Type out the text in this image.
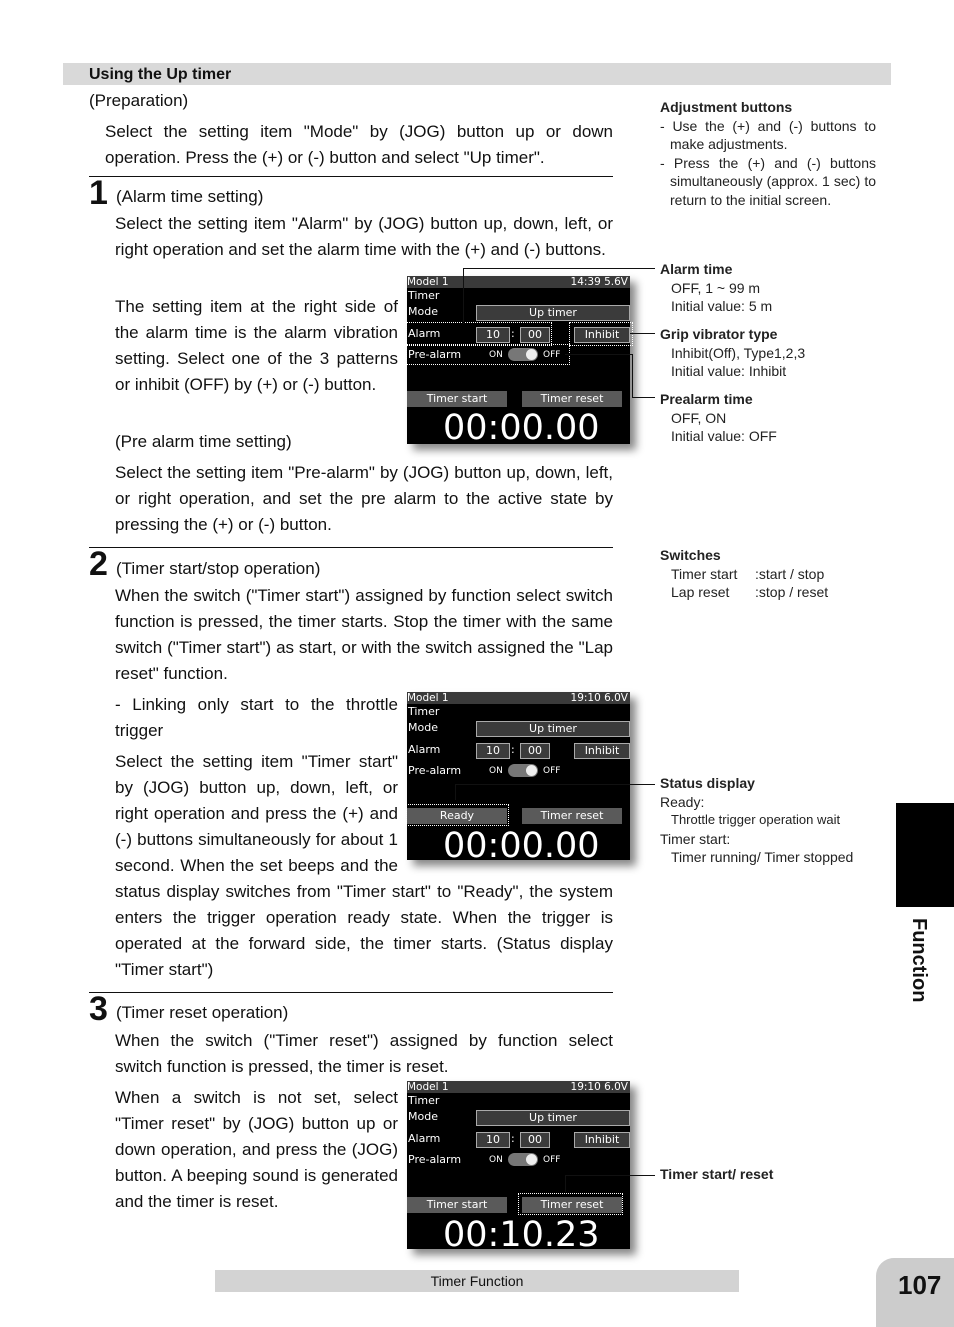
Using the Up timer
(Preparation)
Select the setting item "Mode" by (JOG) button up or down operation. Press the (+) or (-) button and select "Up timer".
1 (Alarm time setting)
Select the setting item "Alarm" by (JOG) button up, down, left, or right operation and set the alarm time with the (+) and (-) buttons.
The setting item at the right side of the alarm time is the alarm vibration setting. Select one of the 3 patterns or inhibit (OFF) by (+) or (-) button.
(Pre alarm time setting)
Select the setting item "Pre-alarm" by (JOG) button up, down, left, or right operation, and set the pre alarm to the active state by pressing the (+) or (-) button.
Model 1	14:39 5.6V
Timer
Mode	Up timer
Alarm	10	:	00	Inhibit
Pre-alarm	ON	OFF
Timer start	Timer reset
00:00.00
2 (Timer start/stop operation)
When the switch ("Timer start") assigned by function select switch function is pressed, the timer starts. Stop the timer with the same switch ("Timer start") as start, or with the switch assigned the "Lap reset" function.
- Linking only start to the throttle trigger
Select the setting item "Timer start" by (JOG) button up, down, left, or right operation and press the (+) and (-) buttons simultaneously for about 1 second. When the set beeps and the status display switches from "Timer start" to "Ready", the system enters the trigger operation ready state. When the trigger is operated at the forward side, the timer starts. (Status display "Timer start")
Model 1	19:10 6.0V
Timer
Mode	Up timer
Alarm	10	:	00	Inhibit
Pre-alarm	ON	OFF
Ready	Timer reset
00:00.00
3 (Timer reset operation)
When the switch ("Timer reset") assigned by function select switch function is pressed, the timer is reset.
When a switch is not set, select "Timer reset" by (JOG) button up or down operation, and press the (JOG) button. A beeping sound is generated and the timer is reset.
Model 1	19:10 6.0V
Timer
Mode	Up timer
Alarm	10	:	00	Inhibit
Pre-alarm	ON	OFF
Timer start	Timer reset
00:10.23
Adjustment buttons
- Use the (+) and (-) buttons to make adjustments.
- Press the (+) and (-) buttons simultaneously (approx. 1 sec) to return to the initial screen.
Alarm time
OFF, 1 ~ 99 m
Initial value: 5 m
Grip vibrator type
Inhibit(Off), Type1,2,3
Initial value: Inhibit
Prealarm time
OFF, ON
Initial value: OFF
Switches
Timer start :start / stop
Lap reset :stop / reset
Status display
Ready:
Throttle trigger operation wait
Timer start:
Timer running/ Timer stopped
Timer start/ reset
Function
Timer Function	107
